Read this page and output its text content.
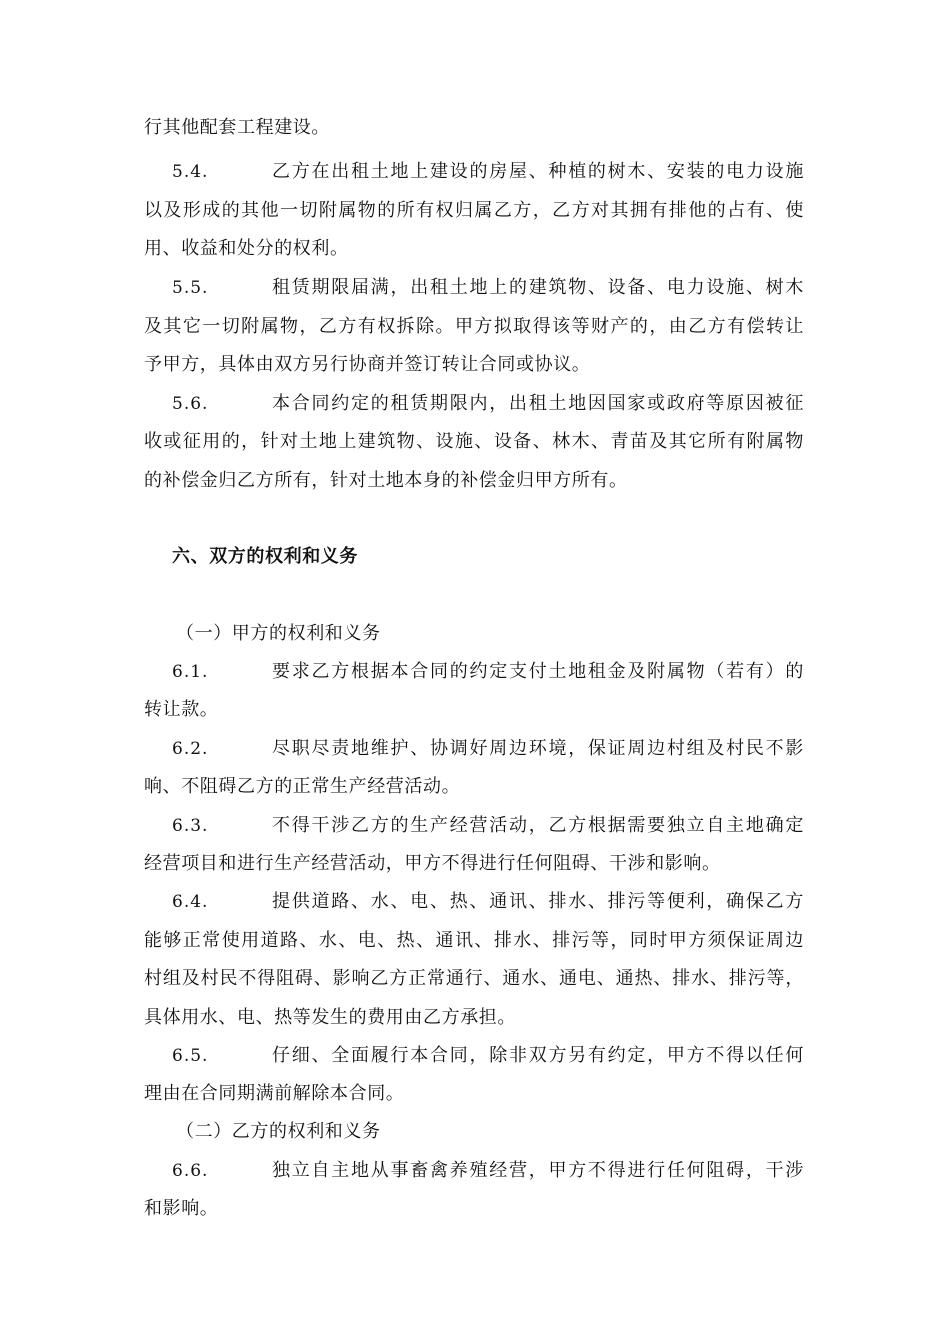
行其他配套工程建设。
5.4.	乙方在出租土地上建设的房屋、种植的树木、安装的电力设施
以及形成的其他一切附属物的所有权归属乙方，乙方对其拥有排他的占有、使
用、收益和处分的权利。
5.5.	租赁期限届满，出租土地上的建筑物、设备、电力设施、树木
及其它一切附属物，乙方有权拆除。甲方拟取得该等财产的，由乙方有偿转让
予甲方，具体由双方另行协商并签订转让合同或协议。
5.6.	本合同约定的租赁期限内，出租土地因国家或政府等原因被征
收或征用的，针对土地上建筑物、设施、设备、林木、青苗及其它所有附属物
的补偿金归乙方所有，针对土地本身的补偿金归甲方所有。
六、双方的权利和义务
（一）甲方的权利和义务
6.1.	要求乙方根据本合同的约定支付土地租金及附属物（若有）的
转让款。
6.2.	尽职尽责地维护、协调好周边环境，保证周边村组及村民不影
响、不阻碍乙方的正常生产经营活动。
6.3.	不得干涉乙方的生产经营活动，乙方根据需要独立自主地确定
经营项目和进行生产经营活动，甲方不得进行任何阻碍、干涉和影响。
6.4.	提供道路、水、电、热、通讯、排水、排污等便利，确保乙方
能够正常使用道路、水、电、热、通讯、排水、排污等，同时甲方须保证周边
村组及村民不得阻碍、影响乙方正常通行、通水、通电、通热、排水、排污等，
具体用水、电、热等发生的费用由乙方承担。
6.5.	仔细、全面履行本合同，除非双方另有约定，甲方不得以任何
理由在合同期满前解除本合同。
（二）乙方的权利和义务
6.6.	独立自主地从事畜禽养殖经营，甲方不得进行任何阻碍，干涉
和影响。
